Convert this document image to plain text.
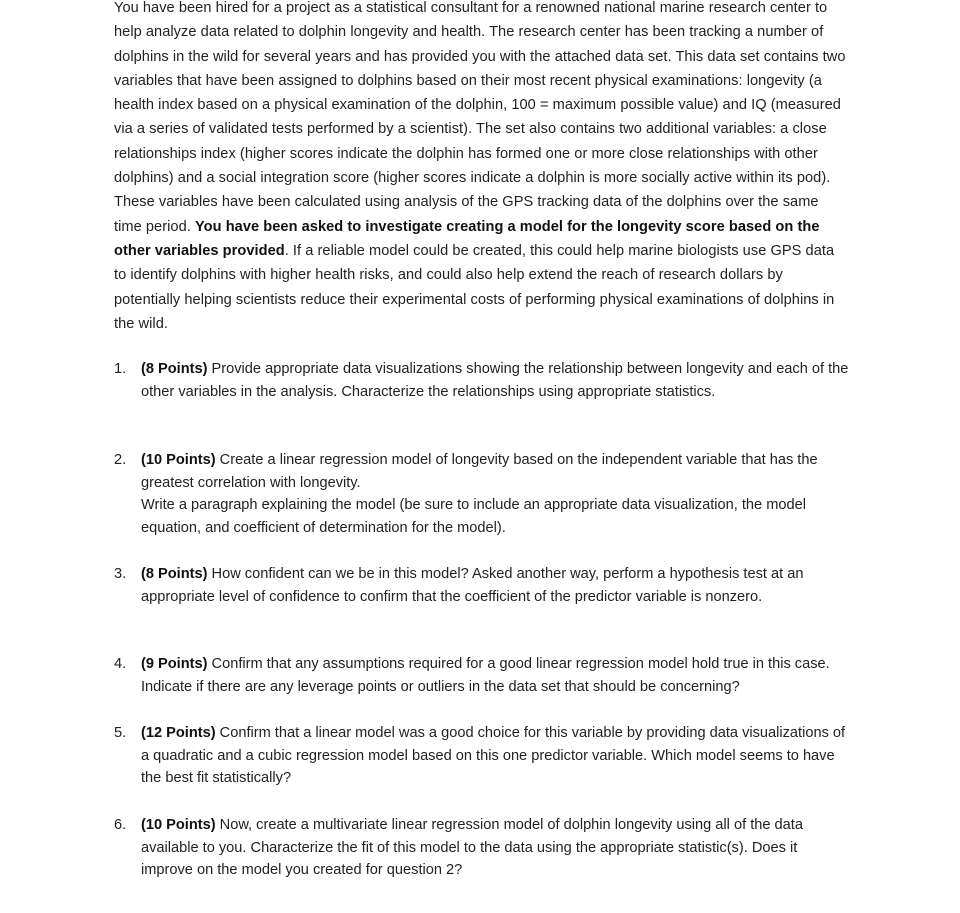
You have been hired for a project as a statistical consultant for a renowned national marine research center to help analyze data related to dolphin longevity and health. The research center has been tracking a number of dolphins in the wild for several years and has provided you with the attached data set. This data set contains two variables that have been assigned to dolphins based on their most recent physical examinations: longevity (a health index based on a physical examination of the dolphin, 100 = maximum possible value) and IQ (measured via a series of validated tests performed by a scientist). The set also contains two additional variables: a close relationships index (higher scores indicate the dolphin has formed one or more close relationships with other dolphins) and a social integration score (higher scores indicate a dolphin is more socially active within its pod). These variables have been calculated using analysis of the GPS tracking data of the dolphins over the same time period. You have been asked to investigate creating a model for the longevity score based on the other variables provided. If a reliable model could be created, this could help marine biologists use GPS data to identify dolphins with higher health risks, and could also help extend the reach of research dollars by potentially helping scientists reduce their experimental costs of performing physical examinations of dolphins in the wild.

1.	(8 Points) Provide appropriate data visualizations showing the relationship between longevity and each of the other variables in the analysis. Characterize the relationships using appropriate statistics.
2.	(10 Points) Create a linear regression model of longevity based on the independent variable that has the greatest correlation with longevity.
Write a paragraph explaining the model (be sure to include an appropriate data visualization, the model equation, and coefficient of determination for the model).
3.	(8 Points) How confident can we be in this model? Asked another way, perform a hypothesis test at an appropriate level of confidence to confirm that the coefficient of the predictor variable is nonzero.
4.	(9 Points) Confirm that any assumptions required for a good linear regression model hold true in this case. Indicate if there are any leverage points or outliers in the data set that should be concerning?
5.	(12 Points) Confirm that a linear model was a good choice for this variable by providing data visualizations of a quadratic and a cubic regression model based on this one predictor variable. Which model seems to have the best fit statistically?
6.	(10 Points) Now, create a multivariate linear regression model of dolphin longevity using all of the data available to you. Characterize the fit of this model to the data using the appropriate statistic(s). Does it improve on the model you created for question 2?
